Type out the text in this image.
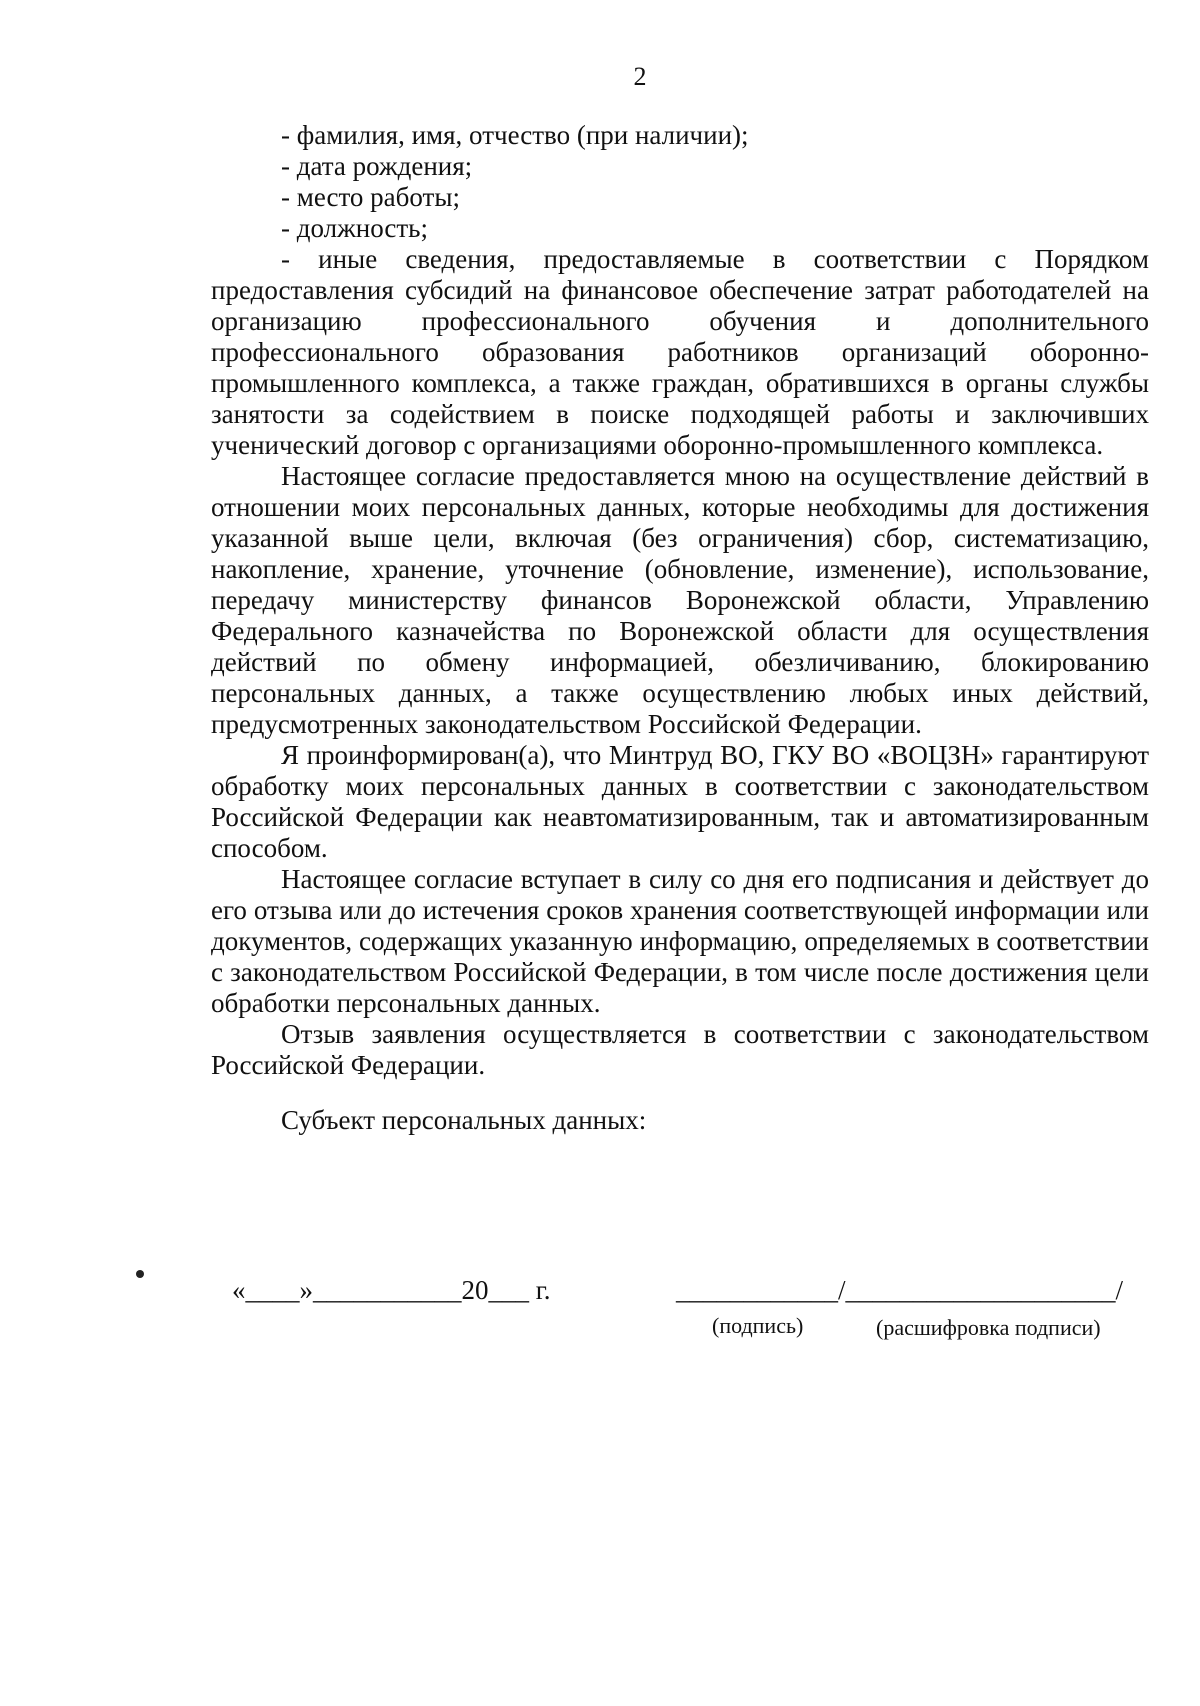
2
- фамилия, имя, отчество (при наличии);
- дата рождения;
- место работы;
- должность;

- иные сведения, предоставляемые в соответствии с Порядком предоставления субсидий на финансовое обеспечение затрат работодателей на организацию профессионального обучения и дополнительного профессионального образования работников организаций оборонно-промышленного комплекса, а также граждан, обратившихся в органы службы занятости за содействием в поиске подходящей работы и заключивших ученический договор с организациями оборонно-промышленного комплекса.

Настоящее согласие предоставляется мною на осуществление действий в отношении моих персональных данных, которые необходимы для достижения указанной выше цели, включая (без ограничения) сбор, систематизацию, накопление, хранение, уточнение (обновление, изменение), использование, передачу министерству финансов Воронежской области, Управлению Федерального казначейства по Воронежской области для осуществления действий по обмену информацией, обезличиванию, блокированию персональных данных, а также осуществлению любых иных действий, предусмотренных законодательством Российской Федерации.

Я проинформирован(а), что Минтруд ВО, ГКУ ВО «ВОЦЗН» гарантируют обработку моих персональных данных в соответствии с законодательством Российской Федерации как неавтоматизированным, так и автоматизированным способом.

Настоящее согласие вступает в силу со дня его подписания и действует до его отзыва или до истечения сроков хранения соответствующей информации или документов, содержащих указанную информацию, определяемых в соответствии с законодательством Российской Федерации, в том числе после достижения цели обработки персональных данных.

Отзыв заявления осуществляется в соответствии с законодательством Российской Федерации.

Субъект персональных данных:
«____»___________20___ г.	____________/____________________/
(подпись)	(расшифровка подписи)
